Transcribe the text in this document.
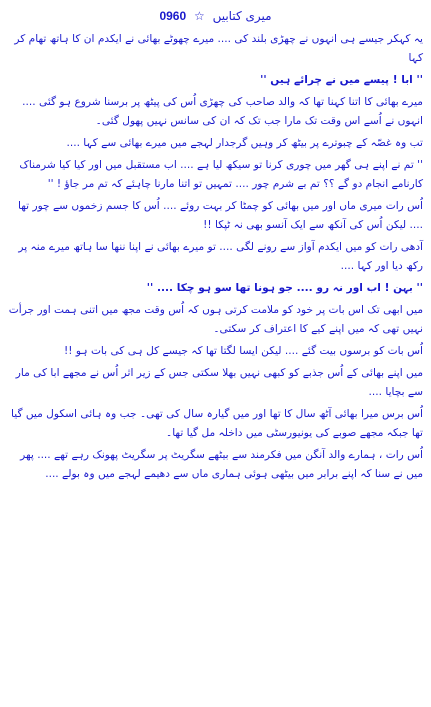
میری کتابیں ☆ 0960

یہ کہکر جیسے ہی انہوں نے چھڑی بلند کی .... میرے چھوٹے بھائی نے ایکدم ان کا ہاتھ تھام کر کہا

'' ابا ! پیسے میں نے چرائے ہیں ''

میرے بھائی کا اتنا کہنا تھا کہ والد صاحب کی چھڑی اُس کی پیٹھ پر برسنا شروع ہو گئی .... انہوں نے اُسے اس وقت تک مارا جب تک کہ ان کی سانس نہیں پھول گئی۔

تب وہ غصّہ کے چبوترے پر بیٹھ کر وہیں گرجدار لہجے میں میرے بھائی سے کہا ....

'' تم نے اپنے ہی گھر میں چوری کرنا تو سیکھ لیا ہے .... اب مستقبل میں اور کیا کیا شرمناک کارنامے انجام دو گے ؟؟ تم بے شرم چور .... تمہیں تو اتنا مارنا چاہئے کہ تم مر جاؤ ! ''

اُس رات میری ماں اور میں بھائی کو چمٹا کر بہت روئے .... اُس کا جسم زخموں سے چور تھا .... لیکن اُس کی آنکھ سے ایک آنسو بھی نہ ٹپکا !!

آدھی رات کو میں ایکدم آواز سے رونے لگی .... تو میرے بھائی نے اپنا ننھا سا ہاتھ میرے منہ پر رکھ دیا اور کہا ....

'' بہن ! اب اور نہ رو .... جو ہونا تھا سو ہو چکا .... ''

میں ابھی تک اس بات پر خود کو ملامت کرتی ہوں کہ اُس وقت مجھ میں اتنی ہمت اور جرأت نہیں تھی کہ میں اپنے کیے کا اعتراف کر سکتی۔

اُس بات کو برسوں بیت گئے .... لیکن ایسا لگتا تھا کہ جیسے کل ہی کی بات ہو !!

میں اپنے بھائی کے اُس جذبے کو کبھی نہیں بھلا سکتی جس کے زیر اثر اُس نے مجھے ابا کی مار سے بچایا ....

اُس برس میرا بھائی آٹھ سال کا تھا اور میں گیارہ سال کی تھی۔ جب وہ ہائی اسکول میں گیا تھا جبکہ مجھے صوبے کی یونیورسٹی میں داخلہ مل گیا تھا۔

اُس رات ، ہمارے والد آنگن میں فکرمند سے بیٹھے سگریٹ پر سگریٹ پھونک رہے تھے .... پھر میں نے سنا کہ اپنے برابر میں بیٹھی ہوئی ہماری ماں سے دھیمے لہجے میں وہ بولے ....
